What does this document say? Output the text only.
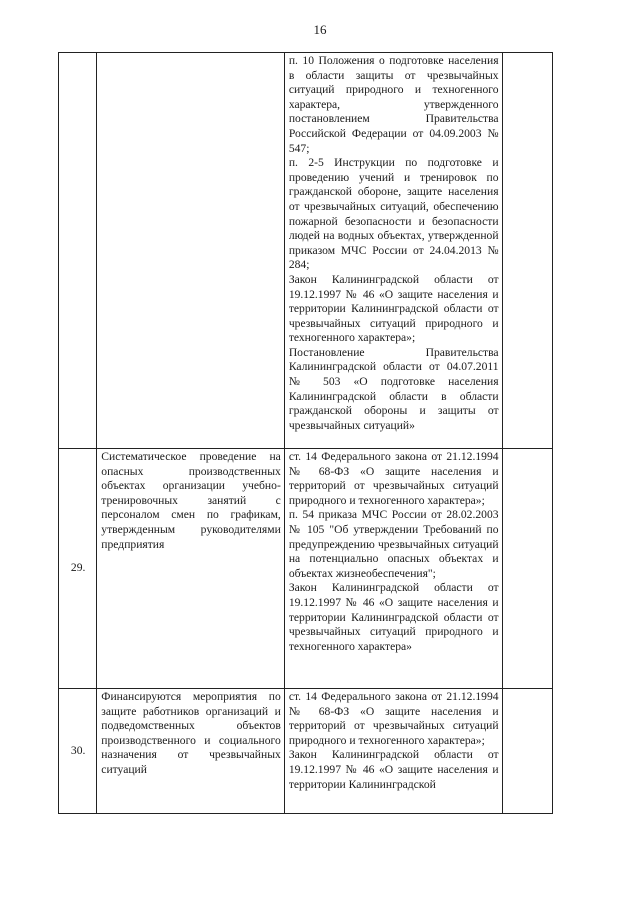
16

		п. 10 Положения о подготовке населения в области защиты от чрезвычайных ситуаций природного и техногенного характера, утвержденного постановлением Правительства Российской Федерации от 04.09.2003 № 547;

п. 2-5 Инструкции по подготовке и проведению учений и тренировок по гражданской обороне, защите населения от чрезвычайных ситуаций, обеспечению пожарной безопасности и безопасности людей на водных объектах, утвержденной приказом МЧС России от 24.04.2013 № 284;

Закон Калининградской области от 19.12.1997 № 46 «О защите населения и территории Калининградской области от чрезвычайных ситуаций природного и техногенного характера»;

Постановление Правительства Калининградской области от 04.07.2011 № 503 «О подготовке населения Калининградской области в области гражданской обороны и защиты от чрезвычайных ситуаций»	

29.	Систематическое проведение на опасных производственных объектах организации учебно-тренировочных занятий с персоналом смен по графикам, утвержденным руководителями предприятия	ст. 14 Федерального закона от 21.12.1994 № 68-ФЗ «О защите населения и территорий от чрезвычайных ситуаций природного и техногенного характера»;

п. 54 приказа МЧС России от 28.02.2003 № 105 "Об утверждении Требований по предупреждению чрезвычайных ситуаций на потенциально опасных объектах и объектах жизнеобеспечения";

Закон Калининградской области от 19.12.1997 № 46 «О защите населения и территории Калининградской области от чрезвычайных ситуаций природного и техногенного характера»	

30.	Финансируются мероприятия по защите работников организаций и подведомственных объектов производственного и социального назначения от чрезвычайных ситуаций	ст. 14 Федерального закона от 21.12.1994 № 68-ФЗ «О защите населения и территорий от чрезвычайных ситуаций природного и техногенного характера»;

Закон Калининградской области от 19.12.1997 № 46 «О защите населения и территории Калининградской	
